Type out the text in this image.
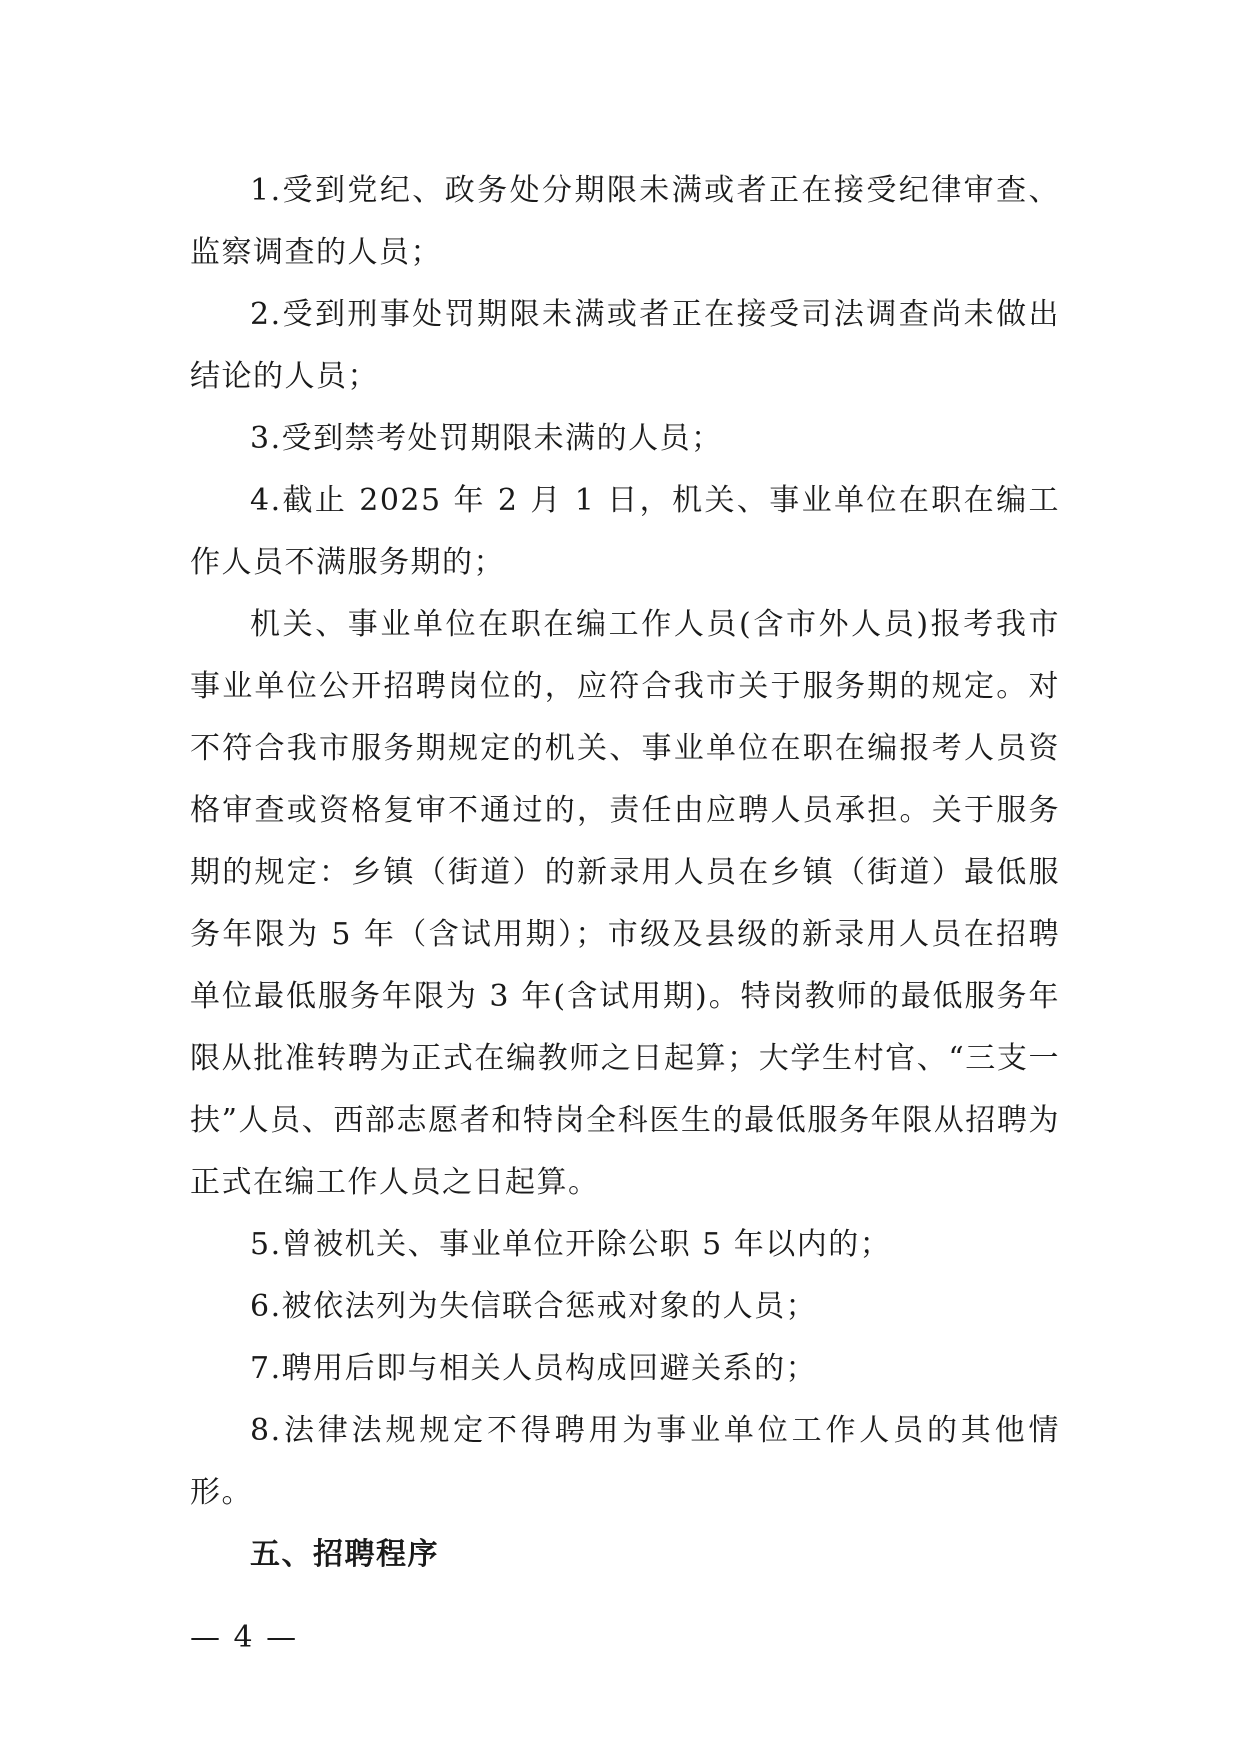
1.受到党纪、政务处分期限未满或者正在接受纪律审查、监察调查的人员；

2.受到刑事处罚期限未满或者正在接受司法调查尚未做出结论的人员；

3.受到禁考处罚期限未满的人员；

4.截止 2025 年 2 月 1 日，机关、事业单位在职在编工作人员不满服务期的；

机关、事业单位在职在编工作人员(含市外人员)报考我市事业单位公开招聘岗位的，应符合我市关于服务期的规定。对不符合我市服务期规定的机关、事业单位在职在编报考人员资格审查或资格复审不通过的，责任由应聘人员承担。关于服务期的规定：乡镇（街道）的新录用人员在乡镇（街道）最低服务年限为 5 年（含试用期）；市级及县级的新录用人员在招聘单位最低服务年限为 3 年(含试用期)。特岗教师的最低服务年限从批准转聘为正式在编教师之日起算；大学生村官、“三支一扶”人员、西部志愿者和特岗全科医生的最低服务年限从招聘为正式在编工作人员之日起算。

5.曾被机关、事业单位开除公职 5 年以内的；

6.被依法列为失信联合惩戒对象的人员；

7.聘用后即与相关人员构成回避关系的；

8.法律法规规定不得聘用为事业单位工作人员的其他情形。

五、招聘程序

— 4 —
